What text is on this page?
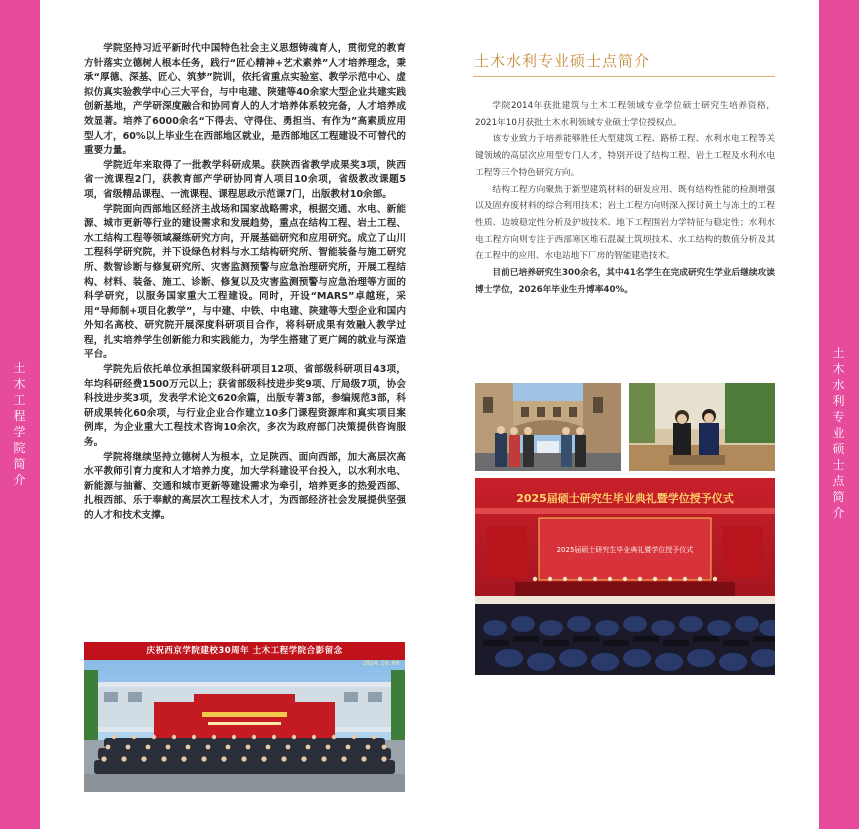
土
木
工
程
学
院
简
介
土
木
水
利
专
业
硕
士
点
简
介

学院坚持习近平新时代中国特色社会主义思想铸魂育人，贯彻党的教育方针落实立德树人根本任务，践行“匠心精神+艺术素养”人才培养理念，秉承“厚德、深基、匠心、筑梦”院训，依托省重点实验室、教学示范中心、虚拟仿真实验教学中心三大平台，与中电建、陕建等40余家大型企业共建实践创新基地，产学研深度融合和协同育人的人才培养体系较完备，人才培养成效显著。培养了6000余名“下得去、守得住、勇担当、有作为”高素质应用型人才，60%以上毕业生在西部地区就业，是西部地区工程建设不可替代的重要力量。

学院近年来取得了一批教学科研成果。获陕西省教学成果奖3项，陕西省一流课程2门，获教育部产学研协同育人项目10余项，省级教改课题5项，省级精品课程、一流课程、课程思政示范课7门，出版教材10余部。

学院面向西部地区经济主战场和国家战略需求，根据交通、水电、新能源、城市更新等行业的建设需求和发展趋势，重点在结构工程、岩土工程、水工结构工程等领域凝练研究方向，开展基础研究和应用研究。成立了山川工程科学研究院，并下设绿色材料与水工结构研究所、智能装备与施工研究所、数智诊断与修复研究所、灾害监测预警与应急治理研究所，开展工程结构、材料、装备、施工、诊断、修复以及灾害监测预警与应急治理等方面的科学研究，以服务国家重大工程建设。同时，开设“MARS”卓越班，采用“导师制+项目化教学”，与中建、中铁、中电建、陕建等大型企业和国内外知名高校、研究院开展深度科研项目合作，将科研成果有效融入教学过程，扎实培养学生创新能力和实践能力，为学生搭建了更广阔的就业与深造平台。

学院先后依托单位承担国家级科研项目12项、省部级科研项目43项，年均科研经费1500万元以上；获省部级科技进步奖9项、厅局级7项，协会科技进步奖3项，发表学术论文620余篇，出版专著3部，参编规范3部，科研成果转化60余项，与行业企业合作建立10多门课程资源库和真实项目案例库，为企业重大工程技术咨询10余次，多次为政府部门决策提供咨询服务。

学院将继续坚持立德树人为根本，立足陕西、面向西部，加大高层次高水平教师引育力度和人才培养力度，加大学科建设平台投入，以水利水电、新能源与抽蓄、交通和城市更新等建设需求为牵引，培养更多的热爱西部、扎根西部、乐于奉献的高层次工程技术人才，为西部经济社会发展提供坚强的人才和技术支撑。

土木水利专业硕士点简介

学院2014年获批建筑与土木工程领域专业学位硕士研究生培养资格，2021年10月获批土木水利领域专业硕士学位授权点。

该专业致力于培养能够胜任大型建筑工程、路桥工程、水利水电工程等关键领域的高层次应用型专门人才，特别开设了结构工程、岩土工程及水利水电工程等三个特色研究方向。

结构工程方向聚焦于新型建筑材料的研发应用、既有结构性能的检测增强以及固弃废材料的综合利用技术；岩土工程方向则深入探讨黄土与冻土的工程性质、边坡稳定性分析及护坡技术、地下工程围岩力学特征与稳定性；水利水电工程方向则专注于西部寒区堆石混凝土筑坝技术、水工结构的数值分析及其在工程中的应用、水电站地下厂房的智能建造技术。

目前已培养研究生300余名，其中41名学生在完成研究生学业后继续攻读博士学位，2026年毕业生升博率40%。

庆祝西京学院建校30周年 土木工程学院合影留念
2024.10.09
2025届硕士研究生毕业典礼暨学位授予仪式
2025届硕士研究生毕业典礼暨学位授予仪式
